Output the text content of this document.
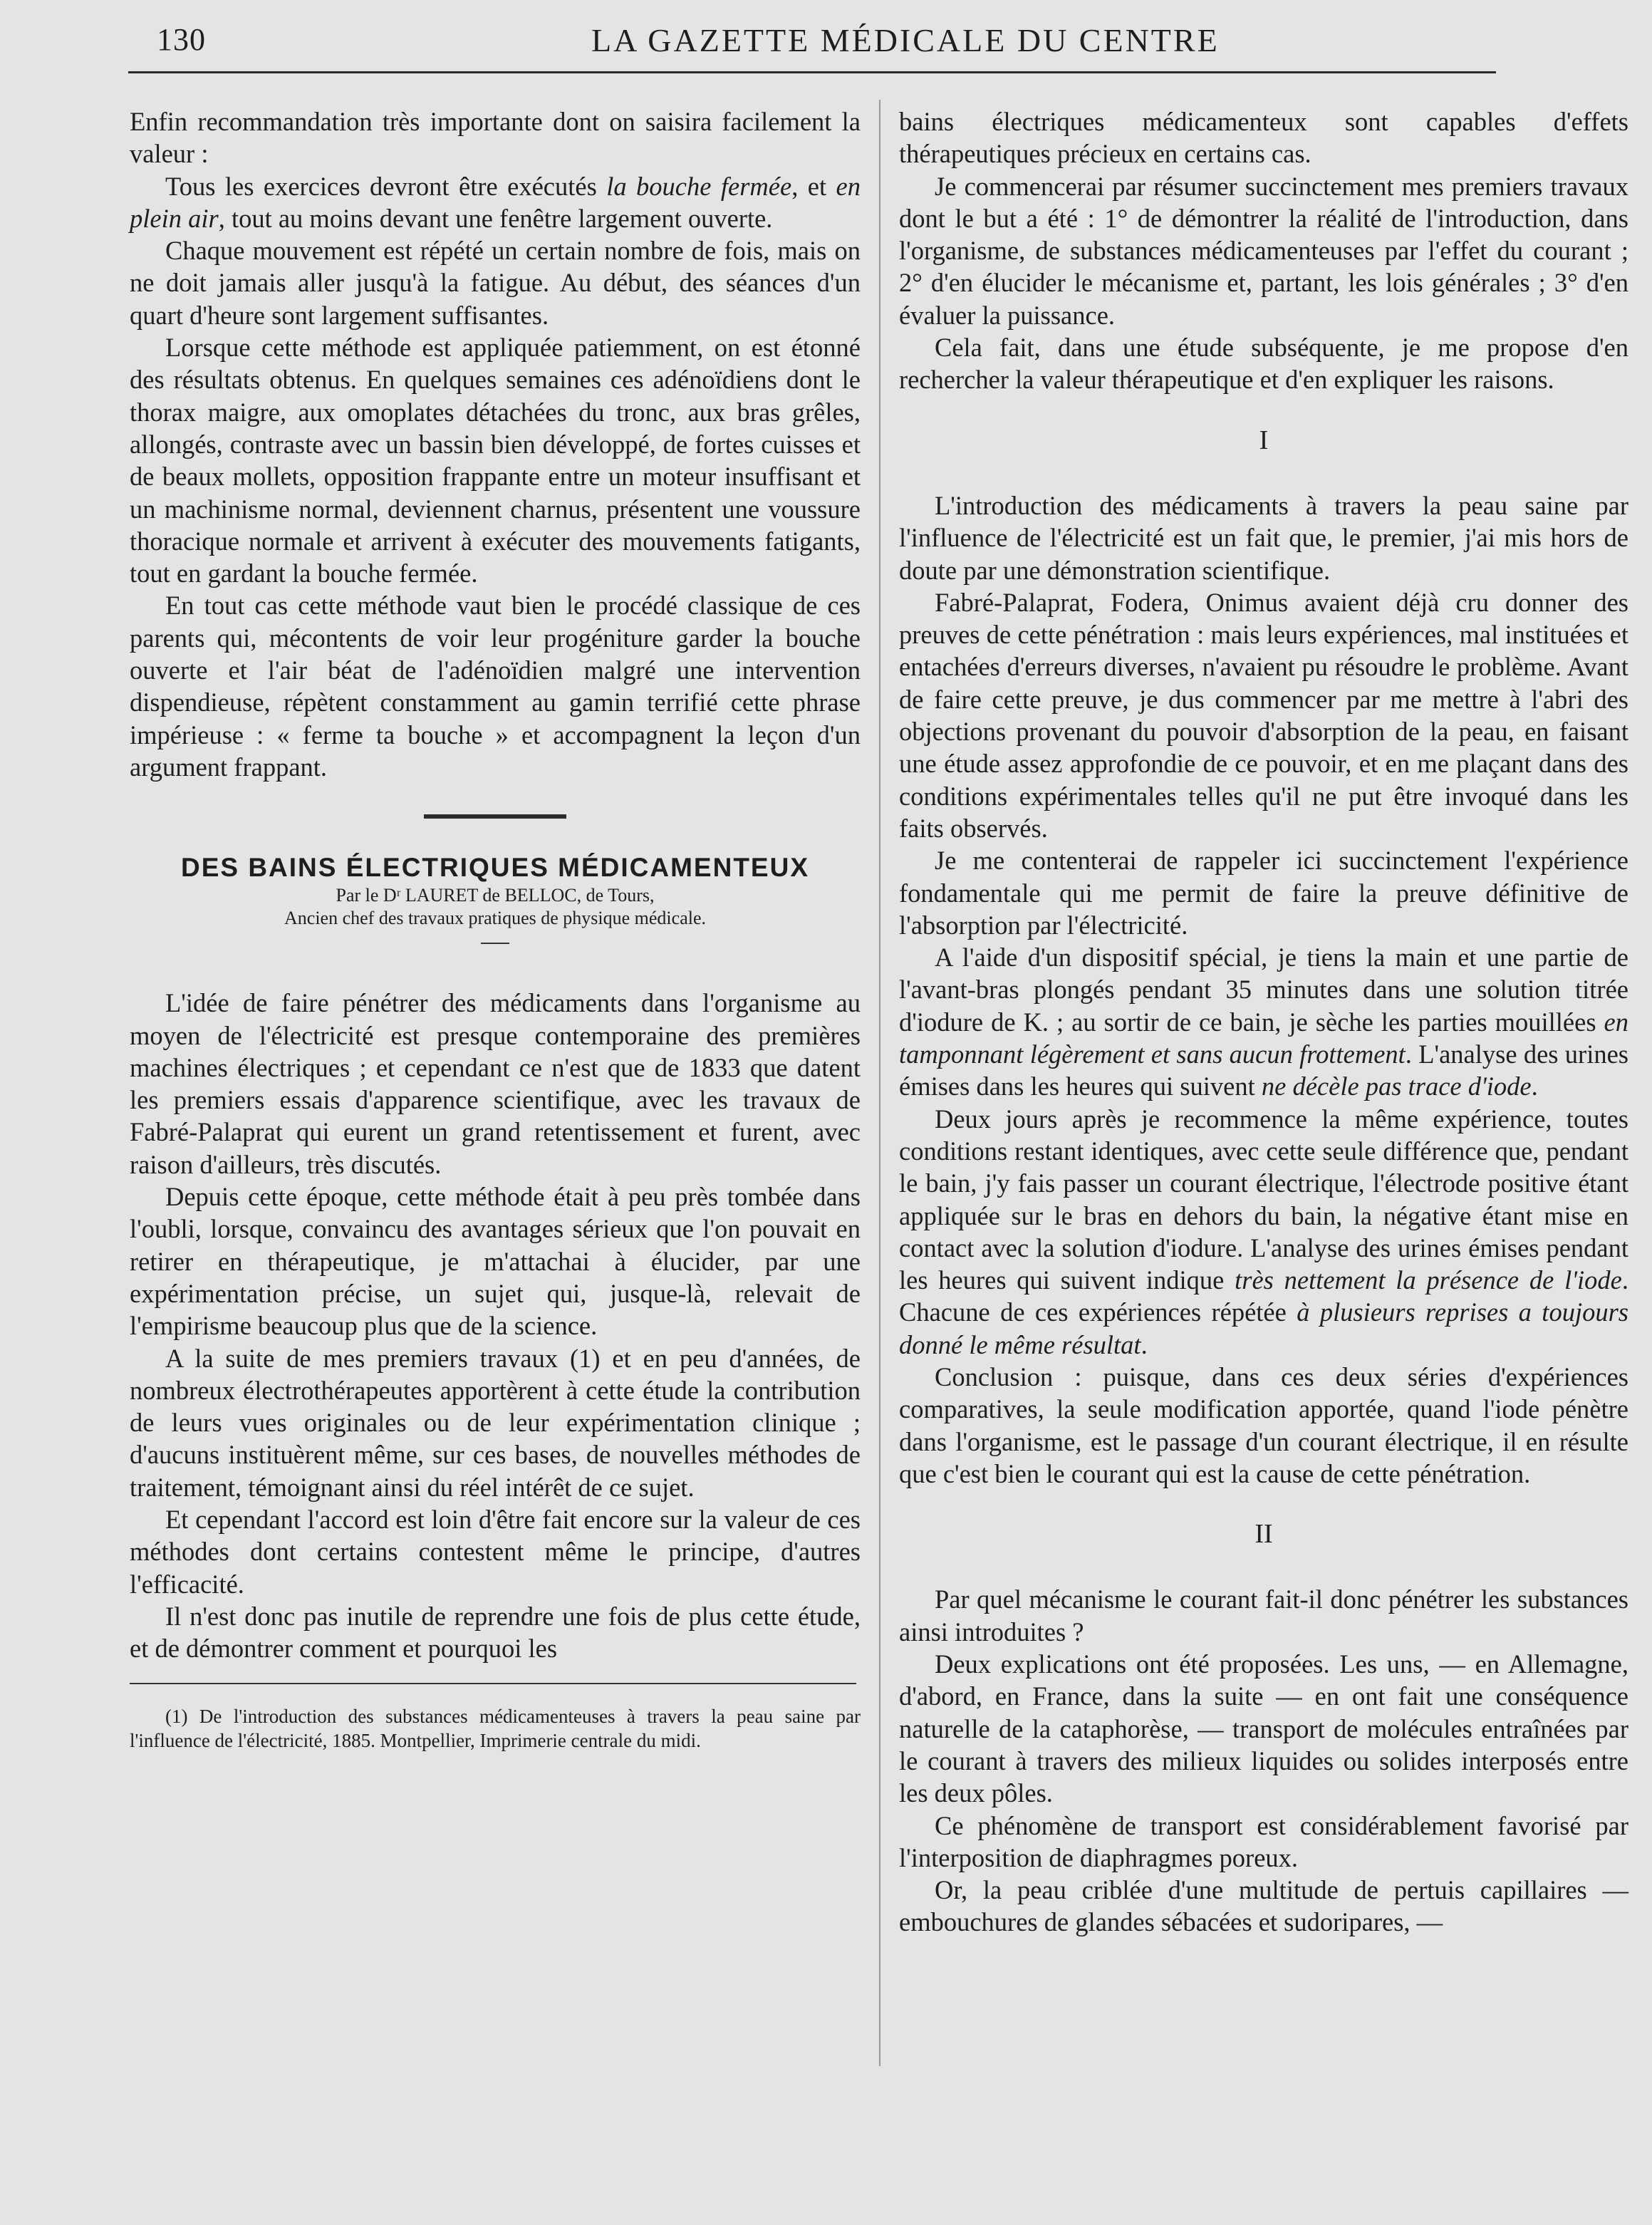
130	LA GAZETTE MÉDICALE DU CENTRE

Enfin recommandation très importante dont on saisira facilement la valeur :

Tous les exercices devront être exécutés la bouche fermée, et en plein air, tout au moins devant une fenêtre largement ouverte.

Chaque mouvement est répété un certain nombre de fois, mais on ne doit jamais aller jusqu'à la fatigue. Au début, des séances d'un quart d'heure sont largement suffisantes.

Lorsque cette méthode est appliquée patiemment, on est étonné des résultats obtenus. En quelques semaines ces adénoïdiens dont le thorax maigre, aux omoplates détachées du tronc, aux bras grêles, allongés, contraste avec un bassin bien développé, de fortes cuisses et de beaux mollets, opposition frappante entre un moteur insuffisant et un machinisme normal, deviennent charnus, présentent une voussure thoracique normale et arrivent à exécuter des mouvements fatigants, tout en gardant la bouche fermée.

En tout cas cette méthode vaut bien le procédé classique de ces parents qui, mécontents de voir leur progéniture garder la bouche ouverte et l'air béat de l'adénoïdien malgré une intervention dispendieuse, répètent constamment au gamin terrifié cette phrase impérieuse : « ferme ta bouche » et accompagnent la leçon d'un argument frappant.

DES BAINS ÉLECTRIQUES MÉDICAMENTEUX
Par le Dʳ LAURET de BELLOC, de Tours,
Ancien chef des travaux pratiques de physique médicale.

L'idée de faire pénétrer des médicaments dans l'organisme au moyen de l'électricité est presque contemporaine des premières machines électriques ; et cependant ce n'est que de 1833 que datent les premiers essais d'apparence scientifique, avec les travaux de Fabré-Palaprat qui eurent un grand retentissement et furent, avec raison d'ailleurs, très discutés.

Depuis cette époque, cette méthode était à peu près tombée dans l'oubli, lorsque, convaincu des avantages sérieux que l'on pouvait en retirer en thérapeutique, je m'attachai à élucider, par une expérimentation précise, un sujet qui, jusque-là, relevait de l'empirisme beaucoup plus que de la science.

A la suite de mes premiers travaux (1) et en peu d'années, de nombreux électrothérapeutes apportèrent à cette étude la contribution de leurs vues originales ou de leur expérimentation clinique ; d'aucuns instituèrent même, sur ces bases, de nouvelles méthodes de traitement, témoignant ainsi du réel intérêt de ce sujet.

Et cependant l'accord est loin d'être fait encore sur la valeur de ces méthodes dont certains contestent même le principe, d'autres l'efficacité.

Il n'est donc pas inutile de reprendre une fois de plus cette étude, et de démontrer comment et pourquoi les

(1) De l'introduction des substances médicamenteuses à travers la peau saine par l'influence de l'électricité, 1885. Montpellier, Imprimerie centrale du midi.

bains électriques médicamenteux sont capables d'effets thérapeutiques précieux en certains cas.

Je commencerai par résumer succinctement mes premiers travaux dont le but a été : 1° de démontrer la réalité de l'introduction, dans l'organisme, de substances médicamenteuses par l'effet du courant ; 2° d'en élucider le mécanisme et, partant, les lois générales ; 3° d'en évaluer la puissance.

Cela fait, dans une étude subséquente, je me propose d'en rechercher la valeur thérapeutique et d'en expliquer les raisons.

I

L'introduction des médicaments à travers la peau saine par l'influence de l'électricité est un fait que, le premier, j'ai mis hors de doute par une démonstration scientifique.

Fabré-Palaprat, Fodera, Onimus avaient déjà cru donner des preuves de cette pénétration : mais leurs expériences, mal instituées et entachées d'erreurs diverses, n'avaient pu résoudre le problème. Avant de faire cette preuve, je dus commencer par me mettre à l'abri des objections provenant du pouvoir d'absorption de la peau, en faisant une étude assez approfondie de ce pouvoir, et en me plaçant dans des conditions expérimentales telles qu'il ne put être invoqué dans les faits observés.

Je me contenterai de rappeler ici succinctement l'expérience fondamentale qui me permit de faire la preuve définitive de l'absorption par l'électricité.

A l'aide d'un dispositif spécial, je tiens la main et une partie de l'avant-bras plongés pendant 35 minutes dans une solution titrée d'iodure de K. ; au sortir de ce bain, je sèche les parties mouillées en tamponnant légèrement et sans aucun frottement. L'analyse des urines émises dans les heures qui suivent ne décèle pas trace d'iode.

Deux jours après je recommence la même expérience, toutes conditions restant identiques, avec cette seule différence que, pendant le bain, j'y fais passer un courant électrique, l'électrode positive étant appliquée sur le bras en dehors du bain, la négative étant mise en contact avec la solution d'iodure. L'analyse des urines émises pendant les heures qui suivent indique très nettement la présence de l'iode. Chacune de ces expériences répétée à plusieurs reprises a toujours donné le même résultat.

Conclusion : puisque, dans ces deux séries d'expériences comparatives, la seule modification apportée, quand l'iode pénètre dans l'organisme, est le passage d'un courant électrique, il en résulte que c'est bien le courant qui est la cause de cette pénétration.

II

Par quel mécanisme le courant fait-il donc pénétrer les substances ainsi introduites ?

Deux explications ont été proposées. Les uns, — en Allemagne, d'abord, en France, dans la suite — en ont fait une conséquence naturelle de la cataphorèse, — transport de molécules entraînées par le courant à travers des milieux liquides ou solides interposés entre les deux pôles.

Ce phénomène de transport est considérablement favorisé par l'interposition de diaphragmes poreux.

Or, la peau criblée d'une multitude de pertuis capillaires — embouchures de glandes sébacées et sudoripares, —
